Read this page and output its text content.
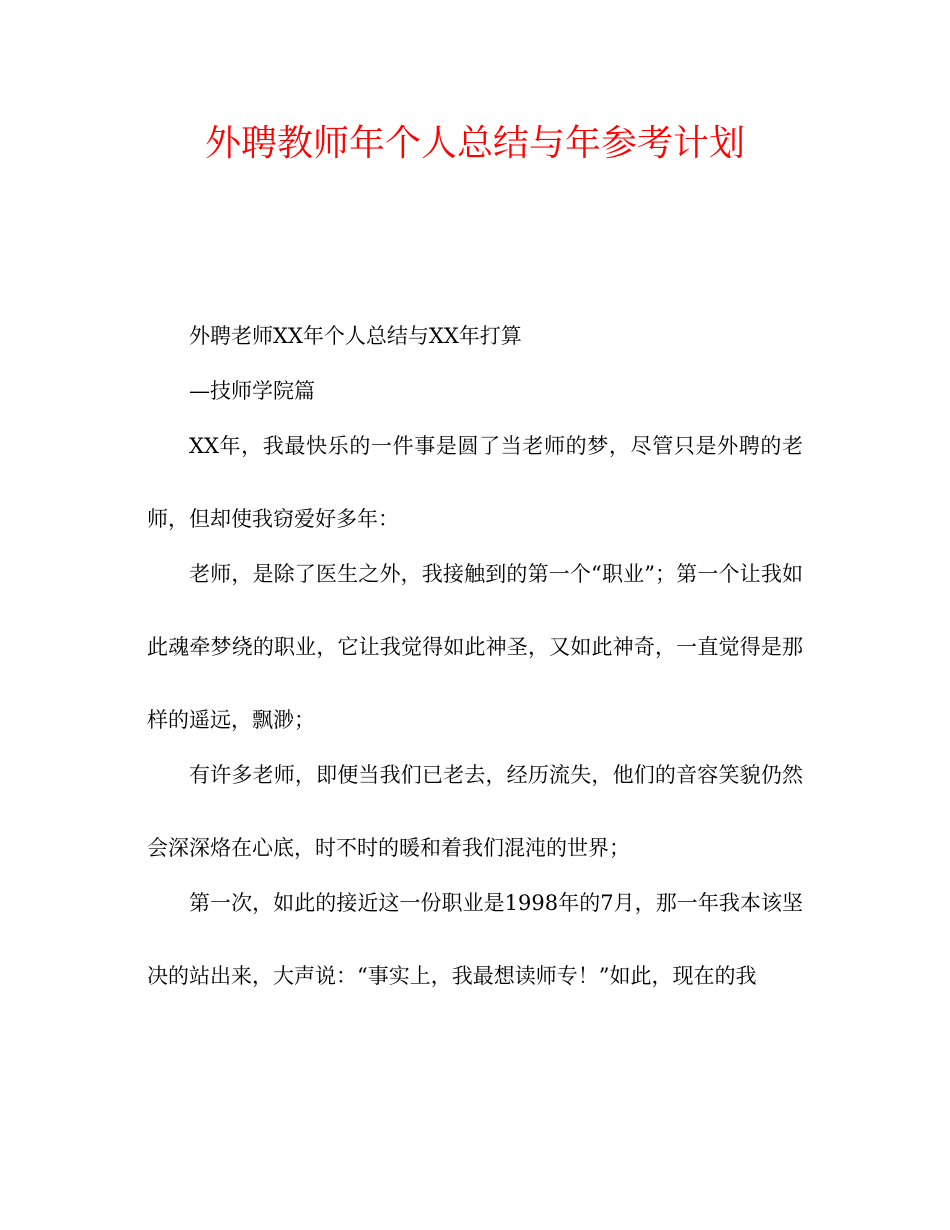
外聘教师年个人总结与年参考计划

外聘老师XX年个人总结与XX年打算

—技师学院篇

XX年，我最快乐的一件事是圆了当老师的梦，尽管只是外聘的老师，但却使我窃爱好多年：

老师，是除了医生之外，我接触到的第一个“职业”；第一个让我如此魂牵梦绕的职业，它让我觉得如此神圣，又如此神奇，一直觉得是那样的遥远，飘渺；

有许多老师，即便当我们已老去，经历流失，他们的音容笑貌仍然会深深烙在心底，时不时的暖和着我们混沌的世界；

第一次，如此的接近这一份职业是1998年的7月，那一年我本该坚决的站出来，大声说：“事实上，我最想读师专！”如此，现在的我
